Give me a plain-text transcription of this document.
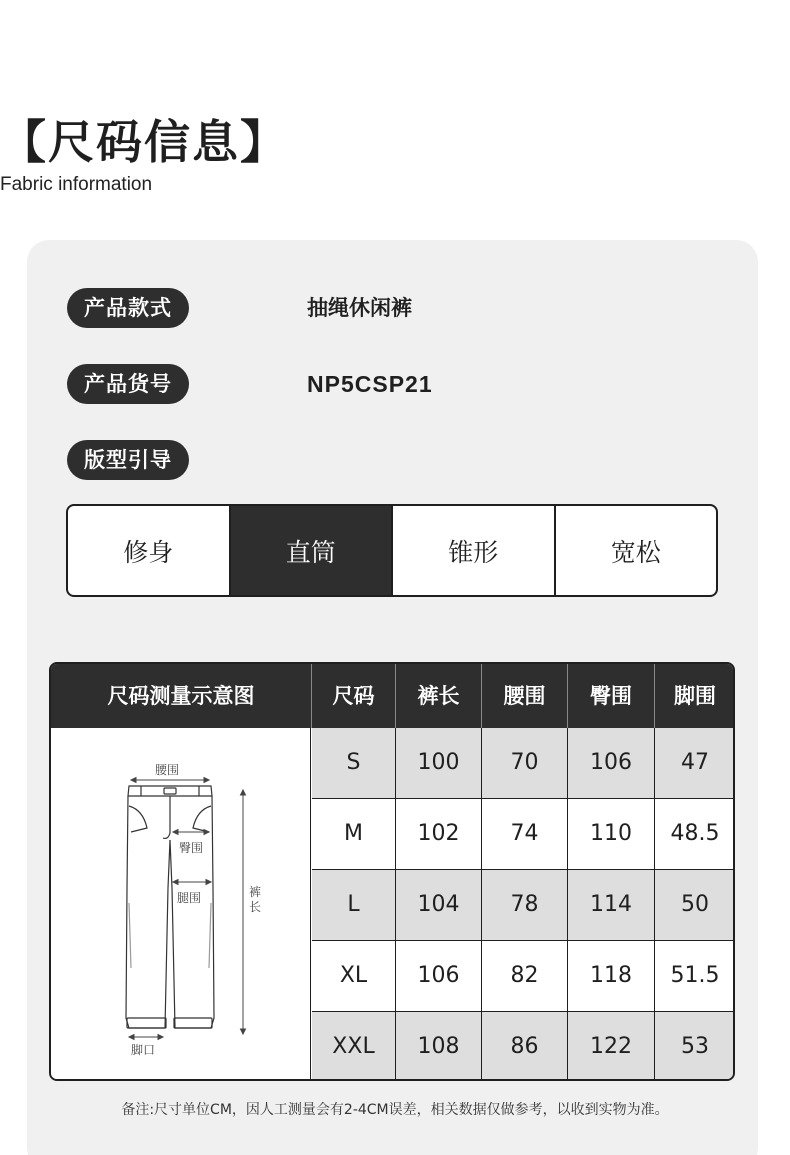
【尺码信息】
Fabric information
产品款式	抽绳休闲裤
产品货号	NP5CSP21
版型引导
修身	直筒	锥形	宽松
尺码测量示意图	尺码	裤长	腰围	臀围	脚围
腰围
臀围
腿围	裤
长
脚口
S	100	70	106	47
M	102	74	110	48.5
L	104	78	114	50
XL	106	82	118	51.5
XXL	108	86	122	53
备注:尺寸单位CM，因人工测量会有2-4CM误差，相关数据仅做参考，以收到实物为准。
